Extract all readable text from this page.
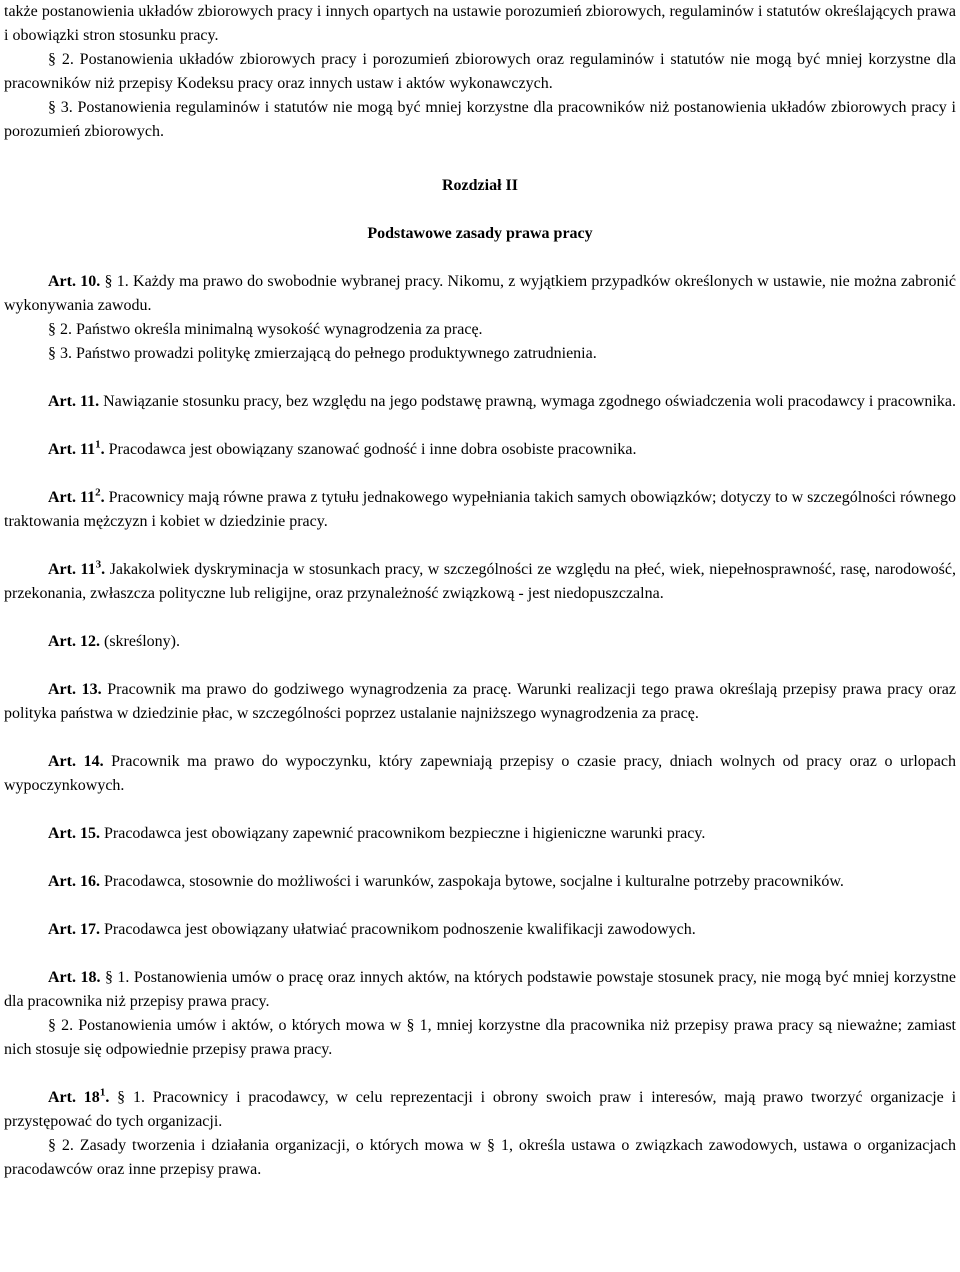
także postanowienia układów zbiorowych pracy i innych opartych na ustawie porozumień zbiorowych, regulaminów i statutów określających prawa i obowiązki stron stosunku pracy.

§ 2. Postanowienia układów zbiorowych pracy i porozumień zbiorowych oraz regulaminów i statutów nie mogą być mniej korzystne dla pracowników niż przepisy Kodeksu pracy oraz innych ustaw i aktów wykonawczych.

§ 3. Postanowienia regulaminów i statutów nie mogą być mniej korzystne dla pracowników niż postanowienia układów zbiorowych pracy i porozumień zbiorowych.

Rozdział II

Podstawowe zasady prawa pracy

Art. 10. § 1. Każdy ma prawo do swobodnie wybranej pracy. Nikomu, z wyjątkiem przypadków określonych w ustawie, nie można zabronić wykonywania zawodu.

§ 2. Państwo określa minimalną wysokość wynagrodzenia za pracę.

§ 3. Państwo prowadzi politykę zmierzającą do pełnego produktywnego zatrudnienia.

Art. 11. Nawiązanie stosunku pracy, bez względu na jego podstawę prawną, wymaga zgodnego oświadczenia woli pracodawcy i pracownika.

Art. $11^1$. Pracodawca jest obowiązany szanować godność i inne dobra osobiste pracownika.

Art. $11^2$. Pracownicy mają równe prawa z tytułu jednakowego wypełniania takich samych obowiązków; dotyczy to w szczególności równego traktowania mężczyzn i kobiet w dziedzinie pracy.

Art. $11^3$. Jakakolwiek dyskryminacja w stosunkach pracy, w szczególności ze względu na płeć, wiek, niepełnosprawność, rasę, narodowość, przekonania, zwłaszcza polityczne lub religijne, oraz przynależność związkową - jest niedopuszczalna.

Art. 12. (skreślony).

Art. 13. Pracownik ma prawo do godziwego wynagrodzenia za pracę. Warunki realizacji tego prawa określają przepisy prawa pracy oraz polityka państwa w dziedzinie płac, w szczególności poprzez ustalanie najniższego wynagrodzenia za pracę.

Art. 14. Pracownik ma prawo do wypoczynku, który zapewniają przepisy o czasie pracy, dniach wolnych od pracy oraz o urlopach wypoczynkowych.

Art. 15. Pracodawca jest obowiązany zapewnić pracownikom bezpieczne i higieniczne warunki pracy.

Art. 16. Pracodawca, stosownie do możliwości i warunków, zaspokaja bytowe, socjalne i kulturalne potrzeby pracowników.

Art. 17. Pracodawca jest obowiązany ułatwiać pracownikom podnoszenie kwalifikacji zawodowych.

Art. 18. § 1. Postanowienia umów o pracę oraz innych aktów, na których podstawie powstaje stosunek pracy, nie mogą być mniej korzystne dla pracownika niż przepisy prawa pracy.

§ 2. Postanowienia umów i aktów, o których mowa w § 1, mniej korzystne dla pracownika niż przepisy prawa pracy są nieważne; zamiast nich stosuje się odpowiednie przepisy prawa pracy.

Art. $18^1$. § 1. Pracownicy i pracodawcy, w celu reprezentacji i obrony swoich praw i interesów, mają prawo tworzyć organizacje i przystępować do tych organizacji.

§ 2. Zasady tworzenia i działania organizacji, o których mowa w § 1, określa ustawa o związkach zawodowych, ustawa o organizacjach pracodawców oraz inne przepisy prawa.
